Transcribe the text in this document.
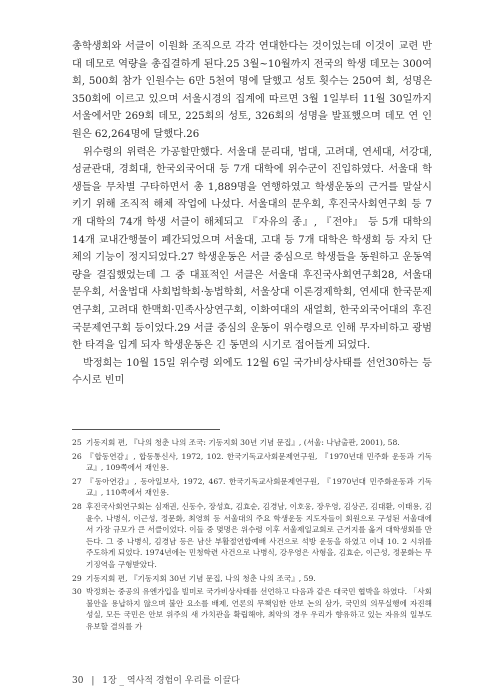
총학생회와 서클이 이원화 조직으로 각각 연대한다는 것이었는데 이것이 교련 반대 데모로 역량을 총집결하게 된다.25 3월~10월까지 전국의 학생 데모는 300여 회, 500회 참가 인원수는 6만 5천여 명에 달했고 성토 횟수는 250여 회, 성명은 350회에 이르고 있으며 서울시경의 집계에 따르면 3월 1일부터 11월 30일까지 서울에서만 269회 데모, 225회의 성토, 326회의 성명을 발표했으며 데모 연 인원은 62,264명에 달했다.26

위수령의 위력은 가공할만했다. 서울대 문리대, 법대, 고려대, 연세대, 서강대, 성균관대, 경희대, 한국외국어대 등 7개 대학에 위수군이 진입하였다. 서울대 학생들을 무차별 구타하면서 총 1,889명을 연행하였고 학생운동의 근거를 말살시키기 위해 조직적 해체 작업에 나섰다. 서울대의 문우회, 후진국사회연구회 등 7개 대학의 74개 학생 서클이 해체되고 『자유의 종』, 『전야』 등 5개 대학의 14개 교내간행물이 폐간되었으며 서울대, 고대 등 7개 대학은 학생회 등 자치 단체의 기능이 정지되었다.27 학생운동은 서클 중심으로 학생들을 동원하고 운동역량을 결집했었는데 그 중 대표적인 서클은 서울대 후진국사회연구회28, 서울대 문우회, 서울법대 사회법학회·농법학회, 서울상대 이론경제학회, 연세대 한국문제연구회, 고려대 한맥회·민족사상연구회, 이화여대의 새얼회, 한국외국어대의 후진국문제연구회 등이었다.29 서클 중심의 운동이 위수령으로 인해 무자비하고 광범한 타격을 입게 되자 학생운동은 긴 동면의 시기로 접어들게 되었다.

박정희는 10월 15일 위수령 외에도 12월 6일 국가비상사태를 선언30하는 등 수시로 빈미

25 기동지회 편, 『나의 청춘 나의 조국: 기동지회 30년 기념 문집』, (서울: 나남출판, 2001), 58.
26 『합동연감』, 합동통신사, 1972, 102. 한국기독교사회문제연구원, 『1970년대 민주화 운동과 기독교』, 109쪽에서 재인용.
27 『동아연감』, 동아일보사, 1972, 467. 한국기독교사회문제연구원, 『1970년대 민주화운동과 기독교』, 110쪽에서 재인용.
28 후진국사회연구회는 심재권, 신동수, 장성효, 김효순, 김경남, 이호웅, 장우영, 김상곤, 김대환, 이태용, 김윤수, 나병식, 이근성, 정문화, 최영희 등 서울대의 주요 학생운동 지도자들이 회원으로 구성된 서울대에서 가장 규모가 큰 서클이었다. 이들 중 몇명은 위수령 이후 서울제일교회로 근거지를 옮겨 대학생회를 만든다. 그 중 나병식, 김경남 등은 남산 부활절연합예배 사건으로 석방 운동을 하였고 이내 10. 2 시위를 주도하게 되었다. 1974년에는 민청학련 사건으로 나병식, 강우영은 사형을, 김효순, 이근성, 정문화는 무기징역을 구형받았다.
29 기동지회 편, 『기동지회 30년 기념 문집, 나의 청춘 나의 조국』, 59.
30 박정희는 중공의 유엔가입을 빌미로 국가비상사태를 선언하고 다음과 같은 대국민 협박을 하였다. 「사회불안을 용납하지 않으며 불안 요소를 배제, 언론의 무책임한 안보 논의 삼가, 국민의 의무실행에 자진해 성실, 모든 국민은 안보 위주의 새 가치관을 확립해야, 최악의 경우 우리가 향유하고 있는 자유의 일부도 유보할 결의를 가
30 | 1장 _ 역사적 경험이 우리를 이끌다
